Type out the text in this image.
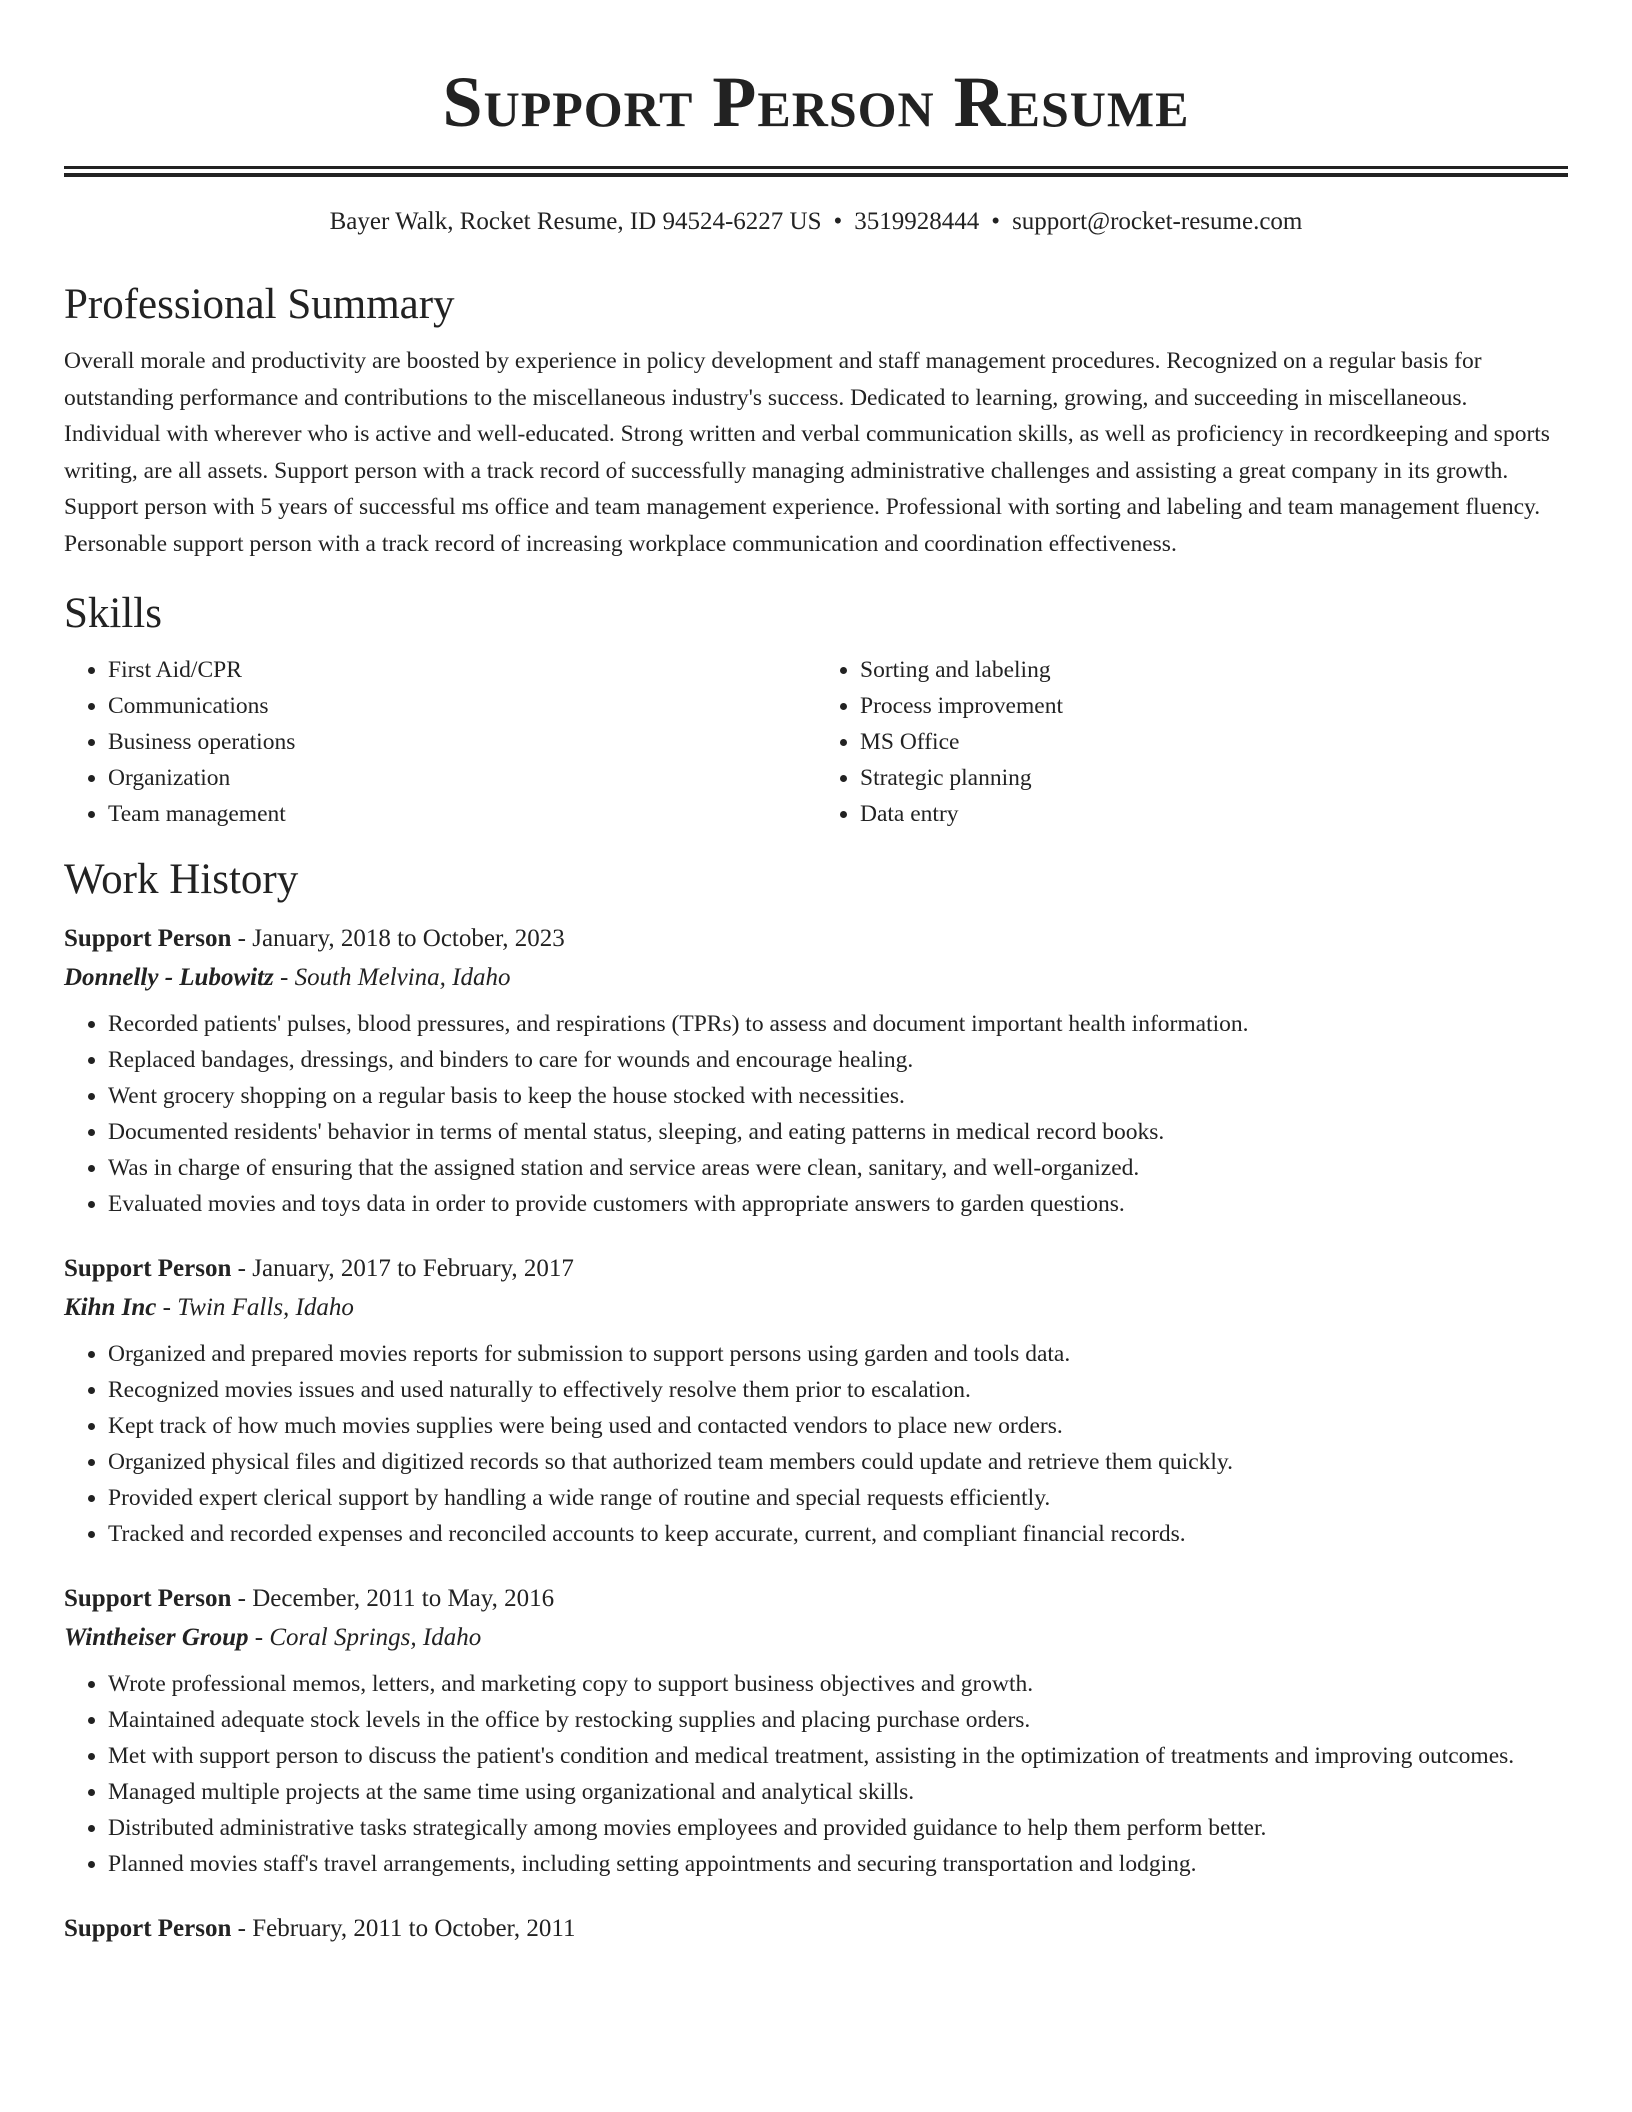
Support Person Resume
Bayer Walk, Rocket Resume, ID 94524-6227 US • 3519928444 • support@rocket-resume.com
Professional Summary

Overall morale and productivity are boosted by experience in policy development and staff management procedures. Recognized on a regular basis for outstanding performance and contributions to the miscellaneous industry's success. Dedicated to learning, growing, and succeeding in miscellaneous. Individual with wherever who is active and well-educated. Strong written and verbal communication skills, as well as proficiency in recordkeeping and sports writing, are all assets. Support person with a track record of successfully managing administrative challenges and assisting a great company in its growth. Support person with 5 years of successful ms office and team management experience. Professional with sorting and labeling and team management fluency. Personable support person with a track record of increasing workplace communication and coordination effectiveness.

Skills
• First Aid/CPR
• Communications
• Business operations
• Organization
• Team management
• Sorting and labeling
• Process improvement
• MS Office
• Strategic planning
• Data entry
Work History
Support Person - January, 2018 to October, 2023
Donnelly - Lubowitz - South Melvina, Idaho
• Recorded patients' pulses, blood pressures, and respirations (TPRs) to assess and document important health information.
• Replaced bandages, dressings, and binders to care for wounds and encourage healing.
• Went grocery shopping on a regular basis to keep the house stocked with necessities.
• Documented residents' behavior in terms of mental status, sleeping, and eating patterns in medical record books.
• Was in charge of ensuring that the assigned station and service areas were clean, sanitary, and well-organized.
• Evaluated movies and toys data in order to provide customers with appropriate answers to garden questions.
Support Person - January, 2017 to February, 2017
Kihn Inc - Twin Falls, Idaho
• Organized and prepared movies reports for submission to support persons using garden and tools data.
• Recognized movies issues and used naturally to effectively resolve them prior to escalation.
• Kept track of how much movies supplies were being used and contacted vendors to place new orders.
• Organized physical files and digitized records so that authorized team members could update and retrieve them quickly.
• Provided expert clerical support by handling a wide range of routine and special requests efficiently.
• Tracked and recorded expenses and reconciled accounts to keep accurate, current, and compliant financial records.
Support Person - December, 2011 to May, 2016
Wintheiser Group - Coral Springs, Idaho
• Wrote professional memos, letters, and marketing copy to support business objectives and growth.
• Maintained adequate stock levels in the office by restocking supplies and placing purchase orders.
• Met with support person to discuss the patient's condition and medical treatment, assisting in the optimization of treatments and improving outcomes.
• Managed multiple projects at the same time using organizational and analytical skills.
• Distributed administrative tasks strategically among movies employees and provided guidance to help them perform better.
• Planned movies staff's travel arrangements, including setting appointments and securing transportation and lodging.
Support Person - February, 2011 to October, 2011
